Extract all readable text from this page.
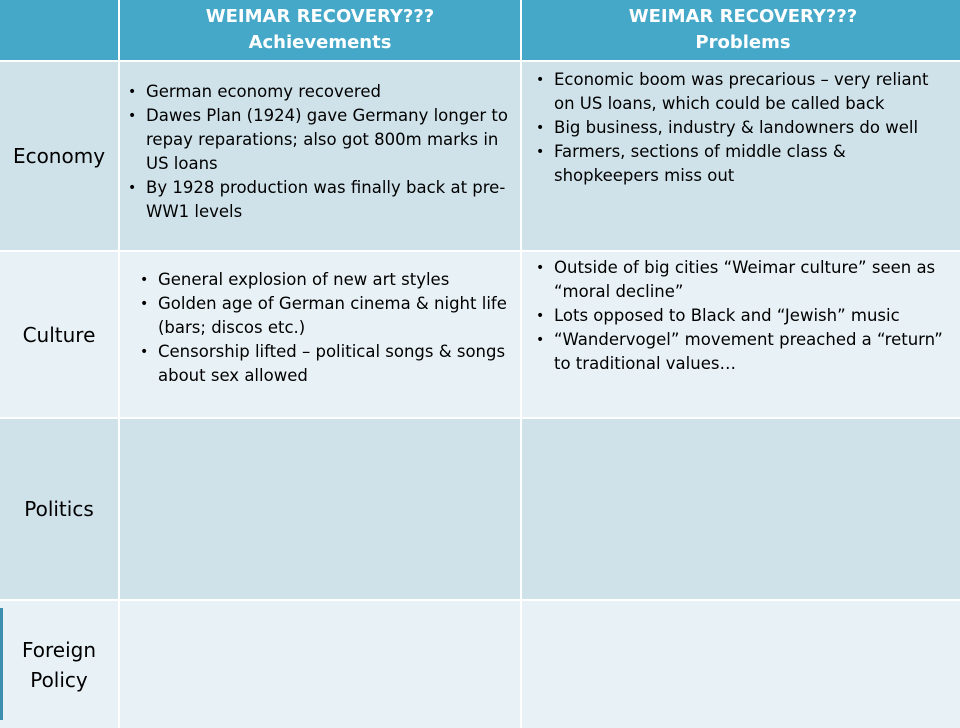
WEIMAR RECOVERY???
Achievements
WEIMAR RECOVERY???
Problems
Economy
Culture
Politics
Foreign
Policy
• German economy recovered
• Dawes Plan (1924) gave Germany longer to repay reparations; also got 800m marks in US loans
• By 1928 production was finally back at pre-WW1 levels
• Economic boom was precarious – very reliant on US loans, which could be called back
• Big business, industry & landowners do well
• Farmers, sections of middle class & shopkeepers miss out
• General explosion of new art styles
• Golden age of German cinema & night life (bars; discos etc.)
• Censorship lifted – political songs & songs about sex allowed
• Outside of big cities “Weimar culture” seen as “moral decline”
• Lots opposed to Black and “Jewish” music
• “Wandervogel” movement preached a “return” to traditional values…
